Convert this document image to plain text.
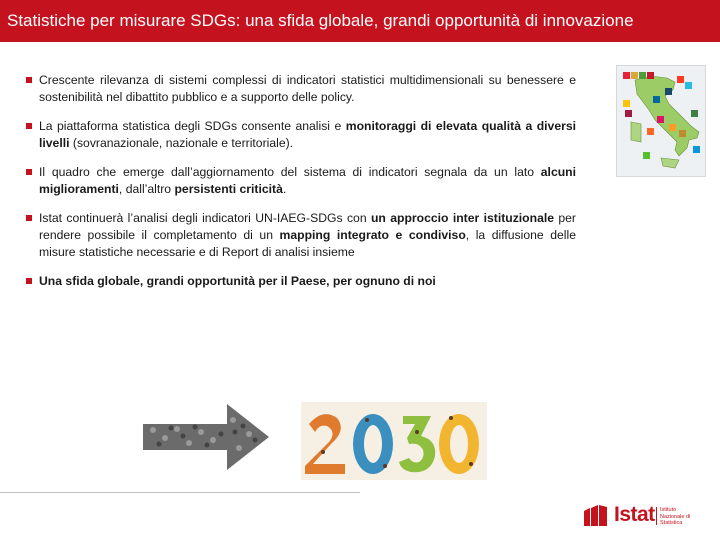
Statistiche per misurare SDGs: una sfida globale, grandi opportunità di innovazione
Crescente rilevanza di sistemi complessi di indicatori statistici multidimensionali su benessere e sostenibilità nel dibattito pubblico e a supporto delle policy.
La piattaforma statistica degli SDGs consente analisi e monitoraggi di elevata qualità a diversi livelli (sovranazionale, nazionale e territoriale).
Il quadro che emerge dall’aggiornamento del sistema di indicatori segnala da un lato alcuni miglioramenti, dall’altro persistenti criticità.
Istat continuerà l’analisi degli indicatori UN-IAEG-SDGs con un approccio inter istituzionale per rendere possibile il completamento di un mapping integrato e condiviso, la diffusione delle misure statistiche necessarie e di Report di analisi insieme
Una sfida globale, grandi opportunità per il Paese, per ognuno di noi
Istat Istituto Nazionale di Statistica
